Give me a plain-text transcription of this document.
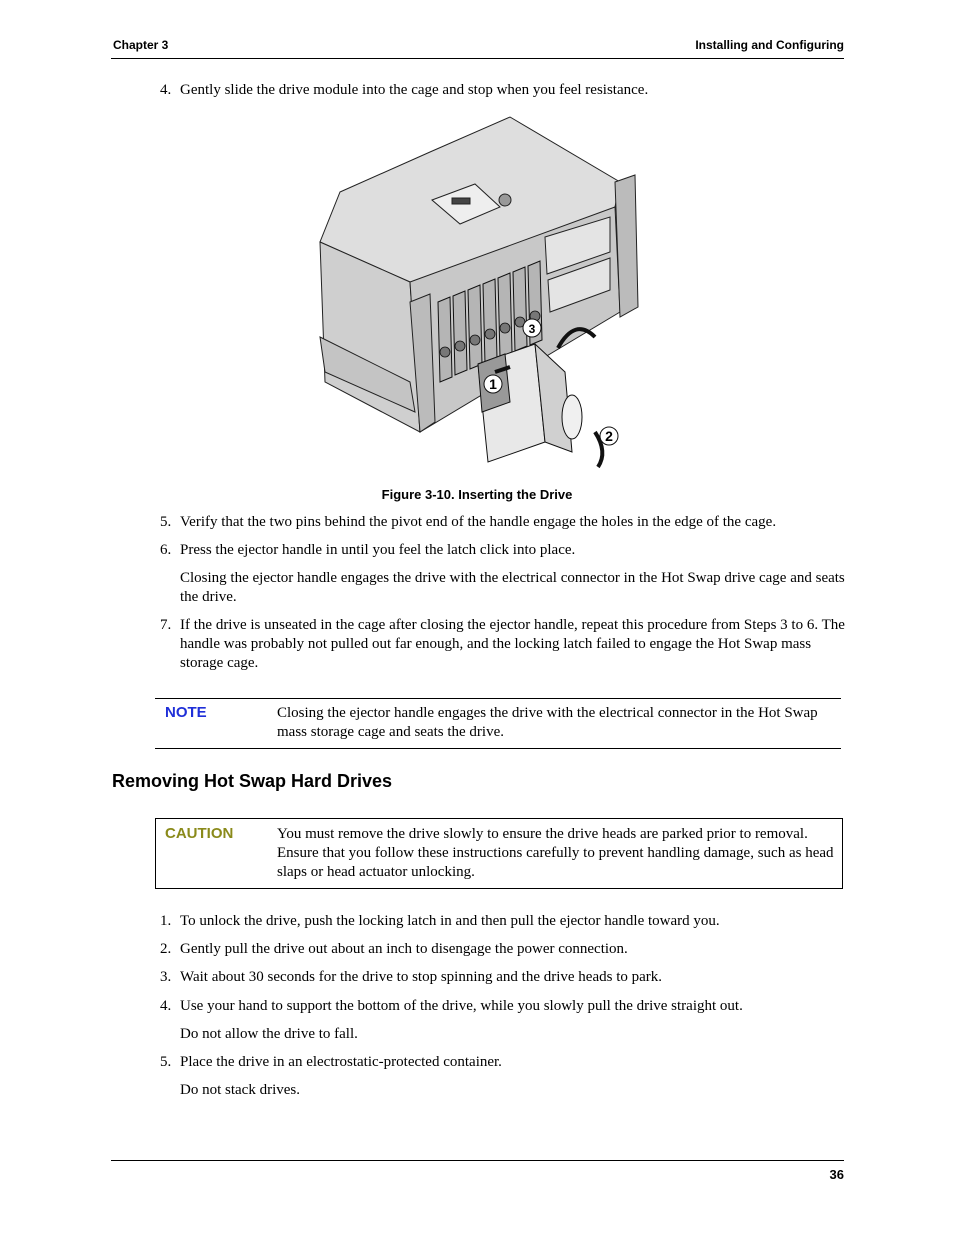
Chapter 3	Installing and Configuring
4. Gently slide the drive module into the cage and stop when you feel resistance.
1
2
3
Figure 3-10. Inserting the Drive
5. Verify that the two pins behind the pivot end of the handle engage the holes in the edge of the cage.
6. Press the ejector handle in until you feel the latch click into place.
Closing the ejector handle engages the drive with the electrical connector in the Hot Swap drive cage and seats the drive.
7. If the drive is unseated in the cage after closing the ejector handle, repeat this procedure from Steps 3 to 6. The handle was probably not pulled out far enough, and the locking latch failed to engage the Hot Swap mass storage cage.
NOTE	Closing the ejector handle engages the drive with the electrical connector in the Hot Swap mass storage cage and seats the drive.
Removing Hot Swap Hard Drives
CAUTION	You must remove the drive slowly to ensure the drive heads are parked prior to removal. Ensure that you follow these instructions carefully to prevent handling damage, such as head slaps or head actuator unlocking.
1. To unlock the drive, push the locking latch in and then pull the ejector handle toward you.
2. Gently pull the drive out about an inch to disengage the power connection.
3. Wait about 30 seconds for the drive to stop spinning and the drive heads to park.
4. Use your hand to support the bottom of the drive, while you slowly pull the drive straight out.
Do not allow the drive to fall.
5. Place the drive in an electrostatic-protected container.
Do not stack drives.
36
